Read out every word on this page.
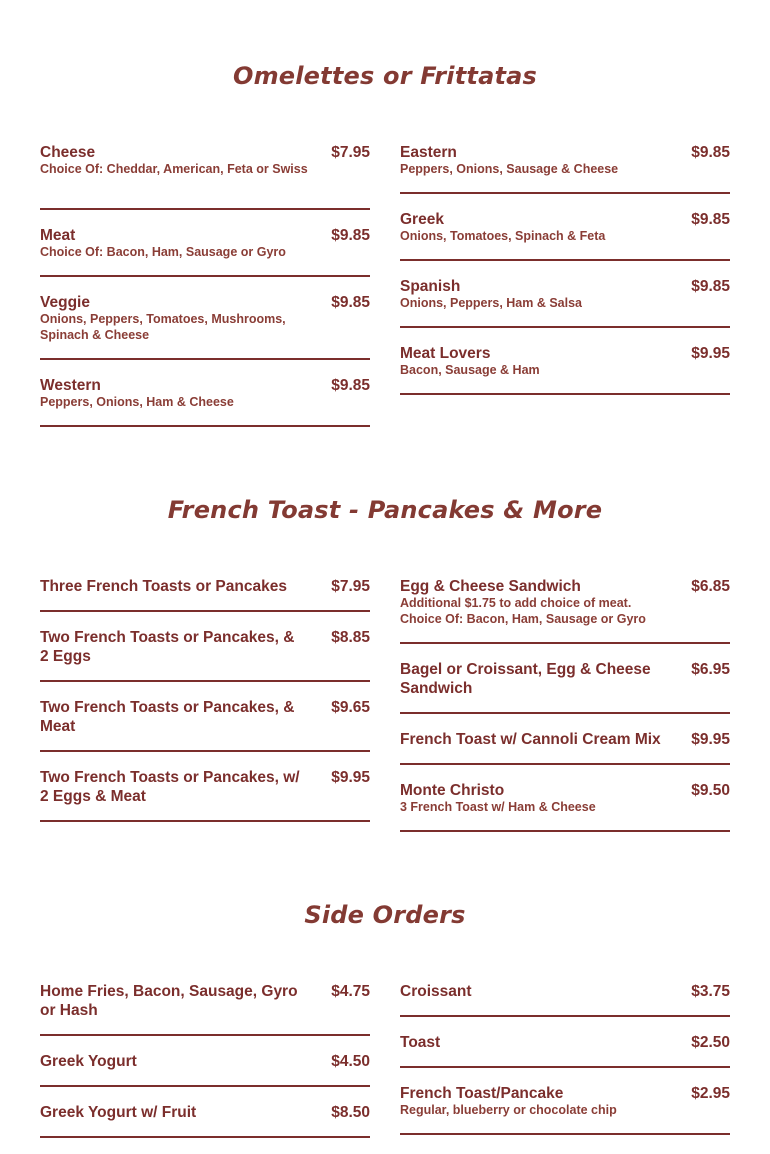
Omelettes or Frittatas
Cheese	$7.95
Choice Of: Cheddar, American, Feta or Swiss
Meat	$9.85
Choice Of: Bacon, Ham, Sausage or Gyro
Veggie	$9.85
Onions, Peppers, Tomatoes, Mushrooms, Spinach & Cheese
Western	$9.85
Peppers, Onions, Ham & Cheese
Eastern	$9.85
Peppers, Onions, Sausage & Cheese
Greek	$9.85
Onions, Tomatoes, Spinach & Feta
Spanish	$9.85
Onions, Peppers, Ham & Salsa
Meat Lovers	$9.95
Bacon, Sausage & Ham
French Toast - Pancakes & More
Three French Toasts or Pancakes	$7.95
Two French Toasts or Pancakes, & 2 Eggs
$8.85
Two French Toasts or Pancakes, & Meat
$9.65
Two French Toasts or Pancakes, w/ 2 Eggs & Meat
$9.95
Egg & Cheese Sandwich	$6.85
Additional $1.75 to add choice of meat. Choice Of: Bacon, Ham, Sausage or Gyro
Bagel or Croissant, Egg & Cheese Sandwich
$6.95
French Toast w/ Cannoli Cream Mix	$9.95
Monte Christo	$9.50
3 French Toast w/ Ham & Cheese
Side Orders
Home Fries, Bacon, Sausage, Gyro or Hash
$4.75
Greek Yogurt	$4.50
Greek Yogurt w/ Fruit	$8.50
Croissant	$3.75
Toast	$2.50
French Toast/Pancake	$2.95
Regular, blueberry or chocolate chip
